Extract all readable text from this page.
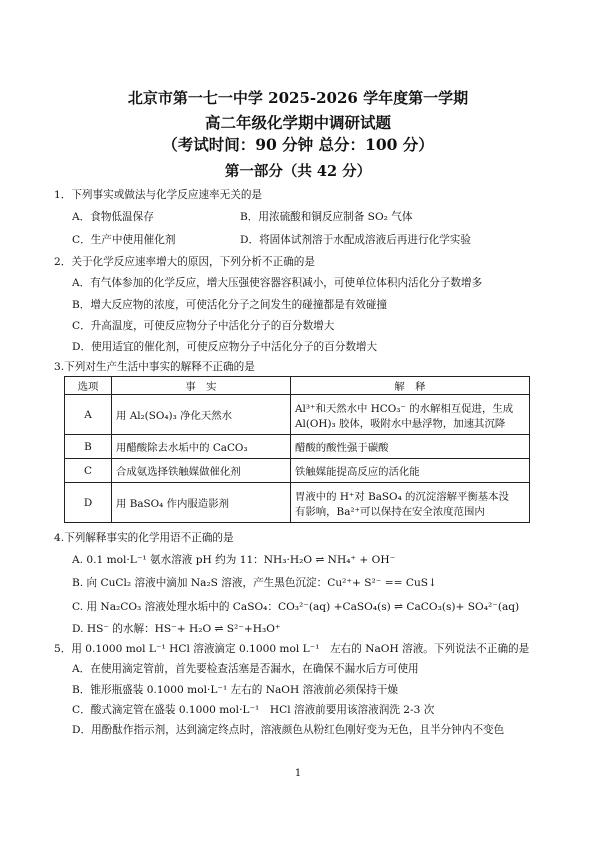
北京市第一七一中学 2025-2026 学年度第一学期
高二年级化学期中调研试题
（考试时间：90 分钟 总分：100 分）
第一部分（共 42 分）
1．下列事实或做法与化学反应速率无关的是
A．食物低温保存	B．用浓硫酸和铜反应制备 SO₂ 气体
C．生产中使用催化剂	D．将固体试剂溶于水配成溶液后再进行化学实验
2．关于化学反应速率增大的原因，下列分析不正确的是
A．有气体参加的化学反应，增大压强使容器容积减小，可使单位体积内活化分子数增多
B．增大反应物的浓度，可使活化分子之间发生的碰撞都是有效碰撞
C．升高温度，可使反应物分子中活化分子的百分数增大
D．使用适宜的催化剂，可使反应物分子中活化分子的百分数增大
3.下列对生产生活中事实的解释不正确的是
选项	事　实	解　释
A	用 Al₂(SO₄)₃ 净化天然水	Al³⁺和天然水中 HCO₃⁻ 的水解相互促进，生成
Al(OH)₃ 胶体，吸附水中悬浮物，加速其沉降

B	用醋酸除去水垢中的 CaCO₃	醋酸的酸性强于碳酸

C	合成氨选择铁触媒做催化剂	铁触媒能提高反应的活化能

D	用 BaSO₄ 作内服造影剂	胃液中的 H⁺对 BaSO₄ 的沉淀溶解平衡基本没
有影响，Ba²⁺可以保持在安全浓度范围内
4.下列解释事实的化学用语不正确的是
A. 0.1 mol·L⁻¹ 氨水溶液 pH 约为 11：NH₃·H₂O ⇌ NH₄⁺ + OH⁻
B. 向 CuCl₂ 溶液中滴加 Na₂S 溶液，产生黑色沉淀：Cu²⁺+ S²⁻ == CuS↓
C. 用 Na₂CO₃ 溶液处理水垢中的 CaSO₄：CO₃²⁻(aq) +CaSO₄(s) ⇌ CaCO₃(s)+ SO₄²⁻(aq)
D. HS⁻ 的水解：HS⁻+ H₂O ⇌ S²⁻+H₃O⁺
5．用 0.1000 mol L⁻¹ HCl 溶液滴定 0.1000 mol L⁻¹　左右的 NaOH 溶液。下列说法不正确的是
A．在使用滴定管前，首先要检查活塞是否漏水，在确保不漏水后方可使用
B．锥形瓶盛装 0.1000 mol·L⁻¹ 左右的 NaOH 溶液前必须保持干燥
C．酸式滴定管在盛装 0.1000 mol·L⁻¹　HCl 溶液前要用该溶液润洗 2-3 次
D．用酚酞作指示剂，达到滴定终点时，溶液颜色从粉红色刚好变为无色，且半分钟内不变色
1
